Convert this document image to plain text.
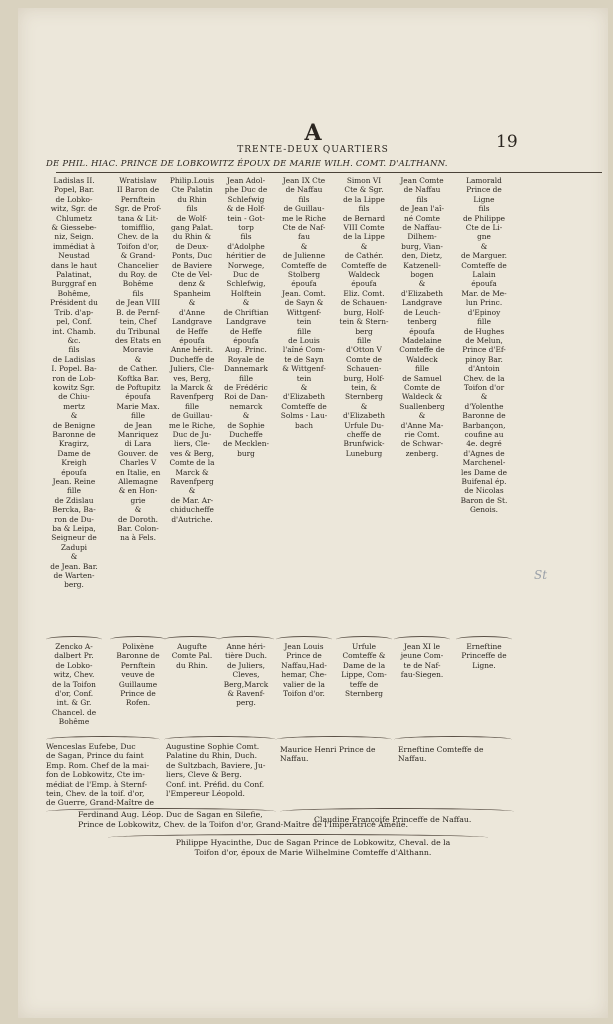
A	19
TRENTE-DEUX QUARTIERS
DE PHIL. HIAC. PRINCE DE LOBKOWITZ ÉPOUX DE MARIE WILH. COMT. D'ALTHANN.
Ladislas II.
Popel, Bar.
de Lobko-
witz, Sgr. de
Chlumetz
& Giessebe-
niz, Seign.
immédiat à
Neustad
dans le haut
Palatinat,
Burggraf en
Bohême,
Président du
Trib. d'ap-
pel, Conf.
int. Chamb.
&c.
fils
de Ladislas
I. Popel. Ba-
ron de Lob-
kowitz Sgr.
de Chiu-
mertz
&
de Benigne
Baronne de
Kragirz,
Dame de
Kreigh
époufa
Jean. Reine
fille
de Zdislau
Bercka, Ba-
ron de Du-
ba & Leipa,
Seigneur de
Zadupi
&
de Jean. Bar.
de Warten-
berg.
Wratislaw
II Baron de
Pernftein
Sgr. de Prof-
tana & Lit-
tomifflio,
Chev. de la
Toifon d'or,
& Grand-
Chancelier
du Roy. de
Bohême
fils
de Jean VIII
B. de Pernf-
tein, Chef
du Tribunal
des Etats en
Moravie
&
de Cather.
Koftka Bar.
de Poftupitz
époufa
Marie Max.
fille
de Jean
Manriquez
di Lara
Gouver. de
Charles V
en Italie, en
Allemagne
& en Hon-
grie
&
de Doroth.
Bar. Colon-
na à Fels.
Philip.Louis
Cte Palatin
du Rhin
fils
de Wolf-
gang Palat.
du Rhin &
de Deux-
Ponts, Duc
de Baviere
Cte de Vel-
denz &
Spanheim
&
d'Anne
Landgrave
de Heffe
époufa
Anne hérit.
Ducheffe de
Juliers, Cle-
ves, Berg,
la Marck &
Ravenfperg
fille
de Guillau-
me le Riche,
Duc de Ju-
liers, Cle-
ves & Berg,
Comte de la
Marck &
Ravenfperg
&
de Mar. Ar-
chiducheffe
d'Autriche.
Jean Adol-
phe Duc de
Schlefwig
& de Holf-
tein - Got-
torp
fils
d'Adolphe
héritier de
Norwege,
Duc de
Schlefwig,
Holftein
&
de Chriftian
Landgrave
de Heffe
époufa
Aug. Princ.
Royale de
Dannemark
fille
de Frédéric
Roi de Dan-
nemarck
&
de Sophie
Ducheffe
de Mecklen-
burg
Jean IX Cte
de Naffau
fils
de Guillau-
me le Riche
Cte de Naf-
fau
&
de Julienne
Comteffe de
Stolberg
époufa
Jean. Comt.
de Sayn &
Wittgenf-
tein
fille
de Louis
l'aîné Com-
te de Sayn
& Wittgenf-
tein
&
d'Elizabeth
Comteffe de
Solms - Lau-
bach
Simon VI
Cte & Sgr.
de la Lippe
fils
de Bernard
VIII Comte
de la Lippe
&
de Cathér.
Comteffe de
Waldeck
époufa
Eliz. Comt.
de Schauen-
burg, Holf-
tein & Stern-
berg
fille
d'Otton V
Comte de
Schauen-
burg, Holf-
tein, &
Sternberg
&
d'Elizabeth
Urfule Du-
cheffe de
Brunfwick-
Luneburg
Jean Comte
de Naffau
fils
de Jean l'aî-
né Comte
de Naffau-
Dilhem-
burg, Vian-
den, Dietz,
Katzenell-
bogen
&
d'Elizabeth
Landgrave
de Leuch-
tenberg
époufa
Madelaine
Comteffe de
Waldeck
fille
de Samuel
Comte de
Waldeck &
Suallenberg
&
d'Anne Ma-
rie Comt.
de Schwar-
zenberg.
Lamorald
Prince de
Ligne
fils
de Philippe
Cte de Li-
gne
&
de Marguer.
Comteffe de
Lalain
époufa
Mar. de Me-
lun Princ.
d'Epinoy
fille
de Hughes
de Melun,
Prince d'Ef-
pinoy Bar.
d'Antoin
Chev. de la
Toifon d'or
&
d'Yolenthe
Baronne de
Barbançon,
coufine au
4e. degré
d'Agnes de
Marchenel-
les Dame de
Buifenal ép.
de Nicolas
Baron de St.
Genois.
Zencko A-
dalbert Pr.
de Lobko-
witz, Chev.
de la Toifon
d'or, Conf.
int. & Gr.
Chancel. de
Bohême
Polixène
Baronne de
Pernftein
veuve de
Guillaume
Prince de
Rofen.
Augufte
Comte Pal.
du Rhin.
Anne héri-
tière Duch.
de Juliers,
Cleves,
Berg,Marck
& Ravenf-
perg.
Jean Louis
Prince de
Naffau,Had-
hemar, Che-
valier de la
Toifon d'or.
Urfule
Comteffe &
Dame de la
Lippe, Com-
teffe de
Sternberg
Jean XI le
jeune Com-
te de Naf-
fau-Siegen.
Erneftine
Princeffe de
Ligne.
Wenceslas Eufebe, Duc
de Sagan, Prince du faint
Emp. Rom. Chef de la mai-
fon de Lobkowitz, Cte im-
médiat de l'Emp. à Sternf-
tein, Chev. de la toif. d'or,
de Guerre, Grand-Maître de
Augustine Sophie Comt.
Palatine du Rhin, Duch.
de Sultzbach, Baviere, Ju-
liers, Cleve & Berg.
Conf. int. Préfid. du Conf.
l'Empereur Léopold.
Maurice Henri Prince de
Naffau.
Erneftine Comteffe de
Naffau.
Ferdinand Aug. Léop. Duc de Sagan en Silefie,
Prince de Lobkowitz, Chev. de la Toifon d'or, Grand-Maître de l'Impératrice Amélie.
Claudine Françoife Princeffe de Naffau.
Philippe Hyacinthe, Duc de Sagan Prince de Lobkowitz, Cheval. de la
Toifon d'or, époux de Marie Wilhelmine Comteffe d'Althann.
St
